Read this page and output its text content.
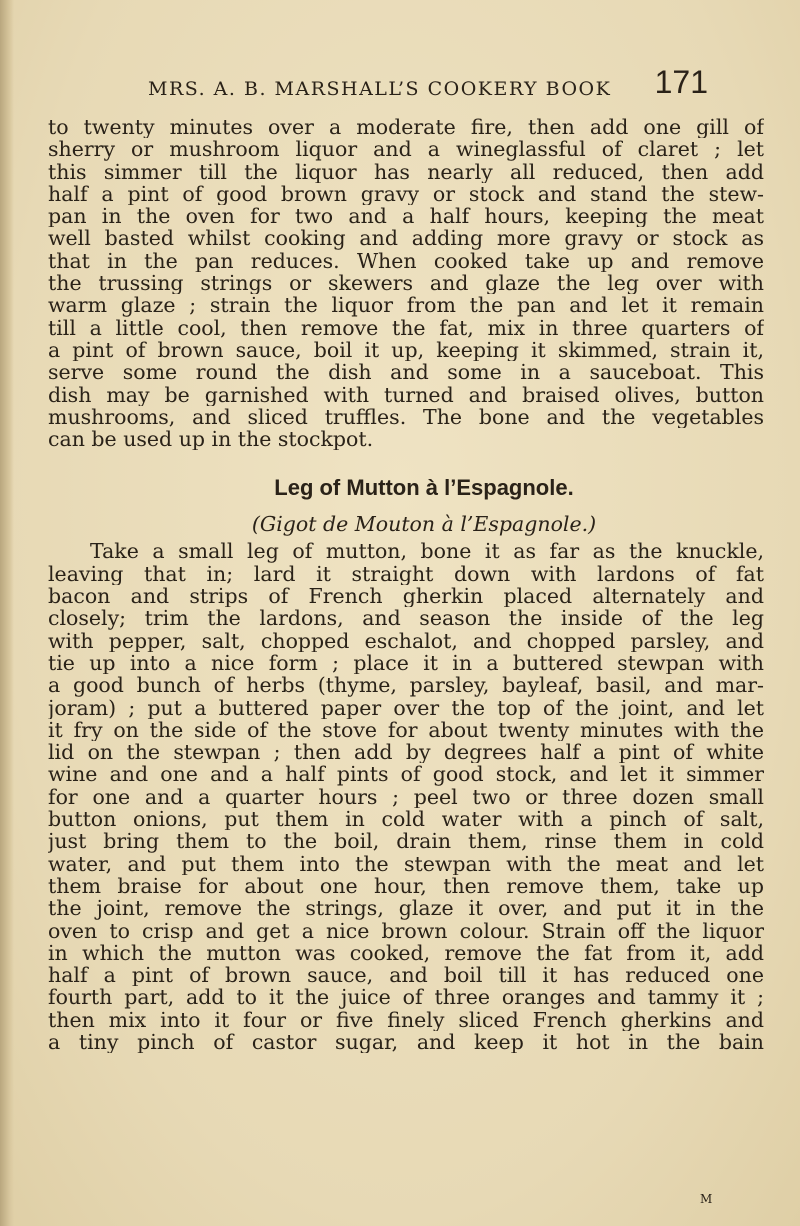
MRS. A. B. MARSHALL’S COOKERY BOOK 171
to twenty minutes over a moderate fire, then add one gill of
sherry or mushroom liquor and a wineglassful of claret ; let
this simmer till the liquor has nearly all reduced, then add
half a pint of good brown gravy or stock and stand the stew-
pan in the oven for two and a half hours, keeping the meat
well basted whilst cooking and adding more gravy or stock as
that in the pan reduces. When cooked take up and remove
the trussing strings or skewers and glaze the leg over with
warm glaze ; strain the liquor from the pan and let it remain
till a little cool, then remove the fat, mix in three quarters of
a pint of brown sauce, boil it up, keeping it skimmed, strain it,
serve some round the dish and some in a sauceboat. This
dish may be garnished with turned and braised olives, button
mushrooms, and sliced truffles. The bone and the vegetables
can be used up in the stockpot.
Leg of Mutton à l’Espagnole.
(Gigot de Mouton à l’Espagnole.)
Take a small leg of mutton, bone it as far as the knuckle,
leaving that in; lard it straight down with lardons of fat
bacon and strips of French gherkin placed alternately and
closely; trim the lardons, and season the inside of the leg
with pepper, salt, chopped eschalot, and chopped parsley, and
tie up into a nice form ; place it in a buttered stewpan with
a good bunch of herbs (thyme, parsley, bayleaf, basil, and mar-
joram) ; put a buttered paper over the top of the joint, and let
it fry on the side of the stove for about twenty minutes with the
lid on the stewpan ; then add by degrees half a pint of white
wine and one and a half pints of good stock, and let it simmer
for one and a quarter hours ; peel two or three dozen small
button onions, put them in cold water with a pinch of salt,
just bring them to the boil, drain them, rinse them in cold
water, and put them into the stewpan with the meat and let
them braise for about one hour, then remove them, take up
the joint, remove the strings, glaze it over, and put it in the
oven to crisp and get a nice brown colour. Strain off the liquor
in which the mutton was cooked, remove the fat from it, add
half a pint of brown sauce, and boil till it has reduced one
fourth part, add to it the juice of three oranges and tammy it ;
then mix into it four or five finely sliced French gherkins and
a tiny pinch of castor sugar, and keep it hot in the bain
M
